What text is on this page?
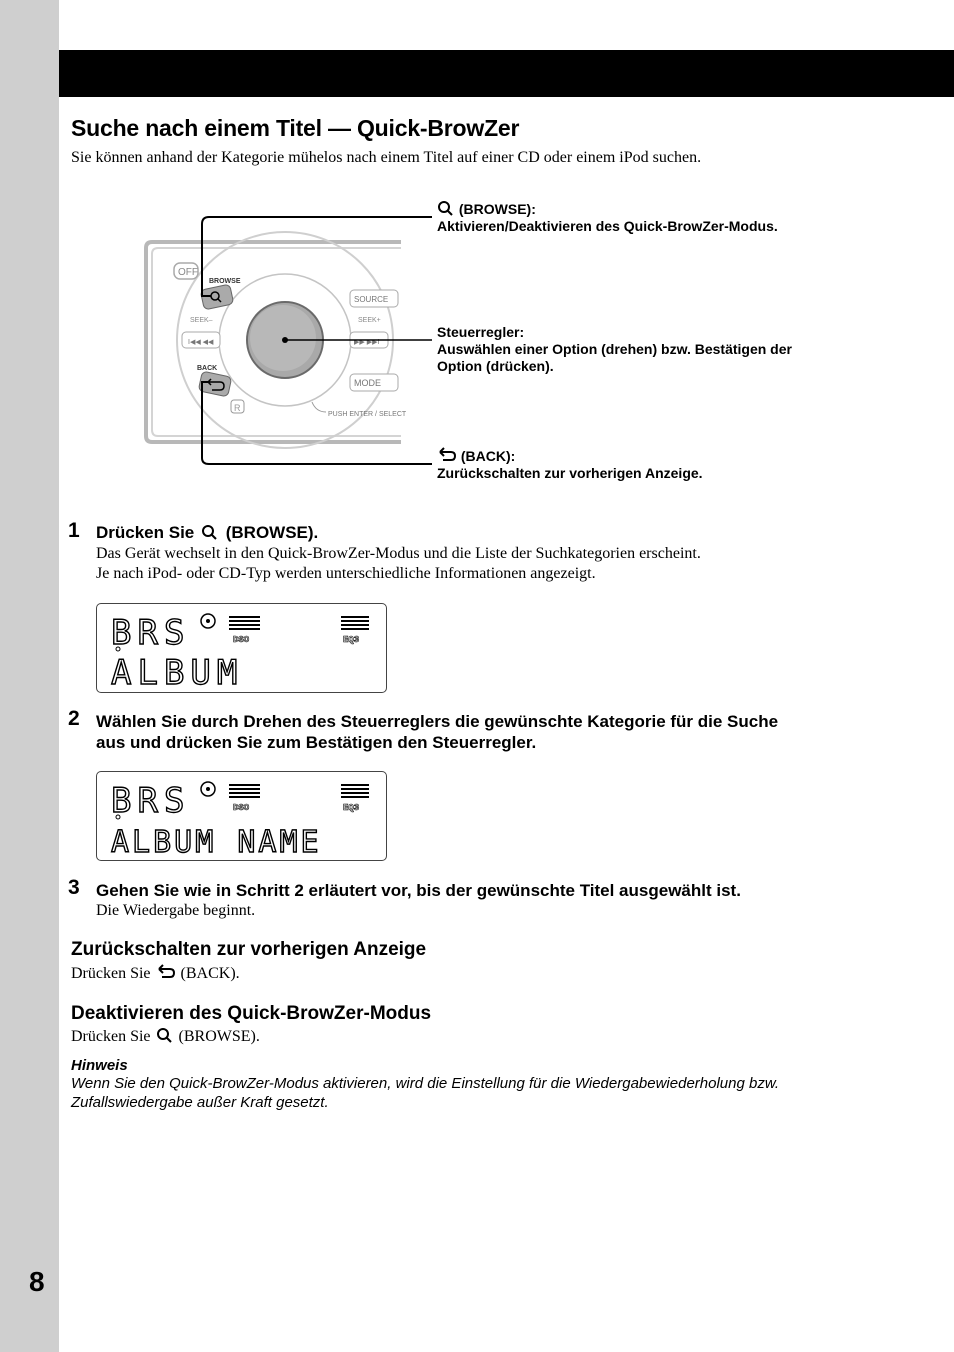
8
Suche nach einem Titel — Quick-BrowZer
Sie können anhand der Kategorie mühelos nach einem Titel auf einer CD oder einem iPod suchen.
OFF
BROWSE
SEEK–
I◀◀ ◀◀
SEEK+
▶▶ ▶▶I
SOURCE
BACK
MODE
R
PUSH ENTER / SELECT
(BROWSE):
Aktivieren/Deaktivieren des Quick-BrowZer-Modus.
Steuerregler:
Auswählen einer Option (drehen) bzw. Bestätigen der
Option (drücken).
(BACK):
Zurückschalten zur vorherigen Anzeige.
1 Drücken Sie (BROWSE).
Das Gerät wechselt in den Quick-BrowZer-Modus und die Liste der Suchkategorien erscheint.
Je nach iPod- oder CD-Typ werden unterschiedliche Informationen angezeigt.
BRS	DSO	EQ3
ALBUM
2 Wählen Sie durch Drehen des Steuerreglers die gewünschte Kategorie für die Suche
aus und drücken Sie zum Bestätigen den Steuerregler.
BRS	DSO	EQ3
ALBUM NAME
3 Gehen Sie wie in Schritt 2 erläutert vor, bis der gewünschte Titel ausgewählt ist.
Die Wiedergabe beginnt.
Zurückschalten zur vorherigen Anzeige
Drücken Sie (BACK).
Deaktivieren des Quick-BrowZer-Modus
Drücken Sie (BROWSE).
Hinweis
Wenn Sie den Quick-BrowZer-Modus aktivieren, wird die Einstellung für die Wiedergabewiederholung bzw.
Zufallswiedergabe außer Kraft gesetzt.
